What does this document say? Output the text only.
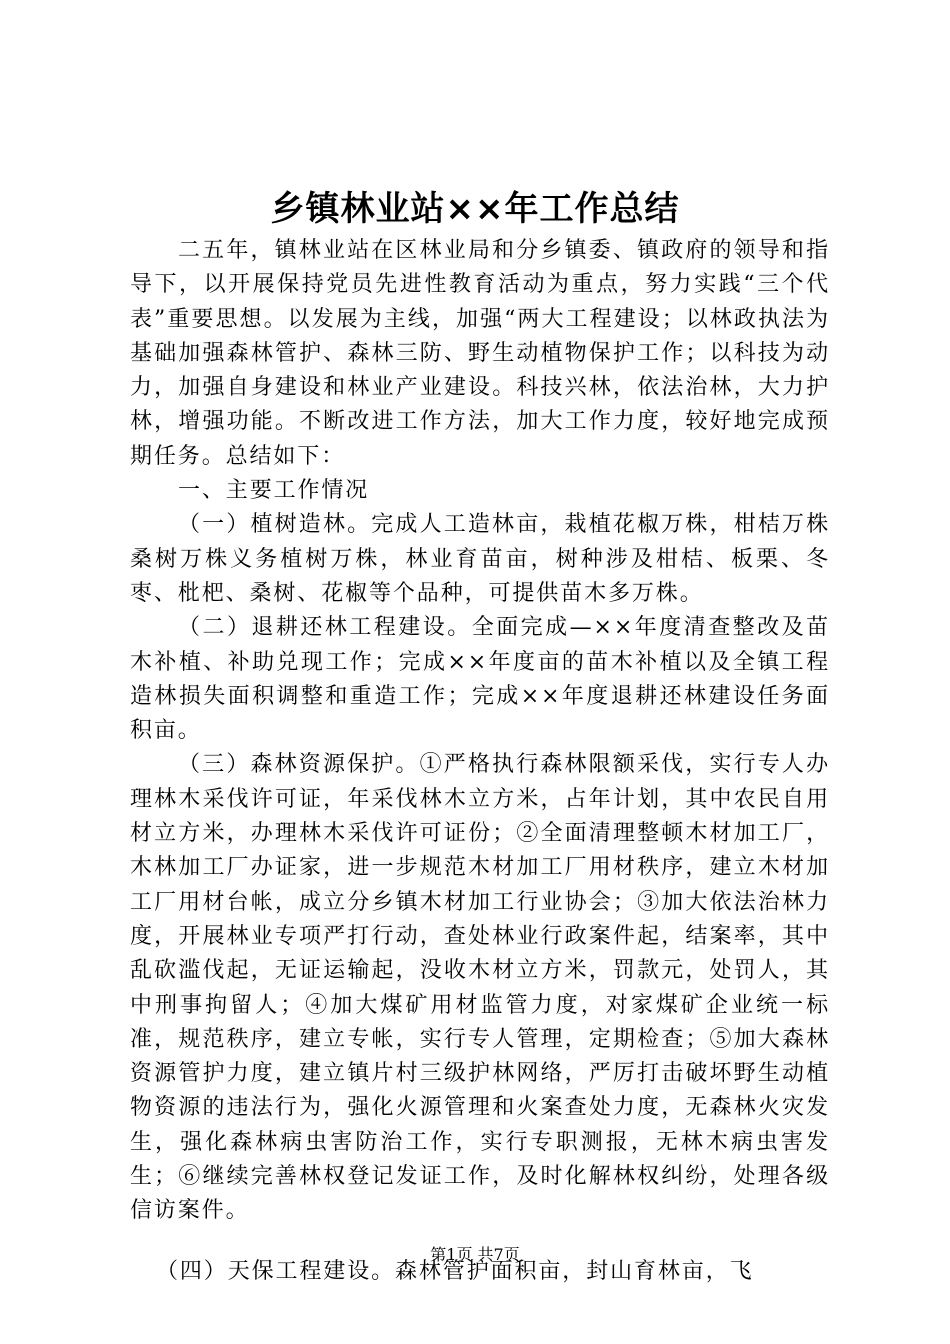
乡镇林业站××年工作总结

二五年，镇林业站在区林业局和分乡镇委、镇政府的领导和指导下，以开展保持党员先进性教育活动为重点，努力实践“三个代表”重要思想。以发展为主线，加强“两大工程建设；以林政执法为基础加强森林管护、森林三防、野生动植物保护工作；以科技为动力，加强自身建设和林业产业建设。科技兴林，依法治林，大力护林，增强功能。不断改进工作方法，加大工作力度，较好地完成预期任务。总结如下：

一、主要工作情况

（一）植树造林。完成人工造林亩，栽植花椒万株，柑桔万株桑树万株义务植树万株，林业育苗亩，树种涉及柑桔、板栗、冬枣、枇杷、桑树、花椒等个品种，可提供苗木多万株。

（二）退耕还林工程建设。全面完成—××年度清查整改及苗木补植、补助兑现工作；完成××年度亩的苗木补植以及全镇工程造林损失面积调整和重造工作；完成××年度退耕还林建设任务面积亩。

（三）森林资源保护。①严格执行森林限额采伐，实行专人办理林木采伐许可证，年采伐林木立方米，占年计划，其中农民自用材立方米，办理林木采伐许可证份；②全面清理整顿木材加工厂，木林加工厂办证家，进一步规范木材加工厂用材秩序，建立木材加工厂用材台帐，成立分乡镇木材加工行业协会；③加大依法治林力度，开展林业专项严打行动，查处林业行政案件起，结案率，其中乱砍滥伐起，无证运输起，没收木材立方米，罚款元，处罚人，其中刑事拘留人；④加大煤矿用材监管力度，对家煤矿企业统一标准，规范秩序，建立专帐，实行专人管理，定期检查；⑤加大森林资源管护力度，建立镇片村三级护林网络，严厉打击破坏野生动植物资源的违法行为，强化火源管理和火案查处力度，无森林火灾发生，强化森林病虫害防治工作，实行专职测报，无林木病虫害发生；⑥继续完善林权登记发证工作，及时化解林权纠纷，处理各级信访案件。

（四）天保工程建设。森林管护面积亩，封山育林亩，飞

第1页 共7页
